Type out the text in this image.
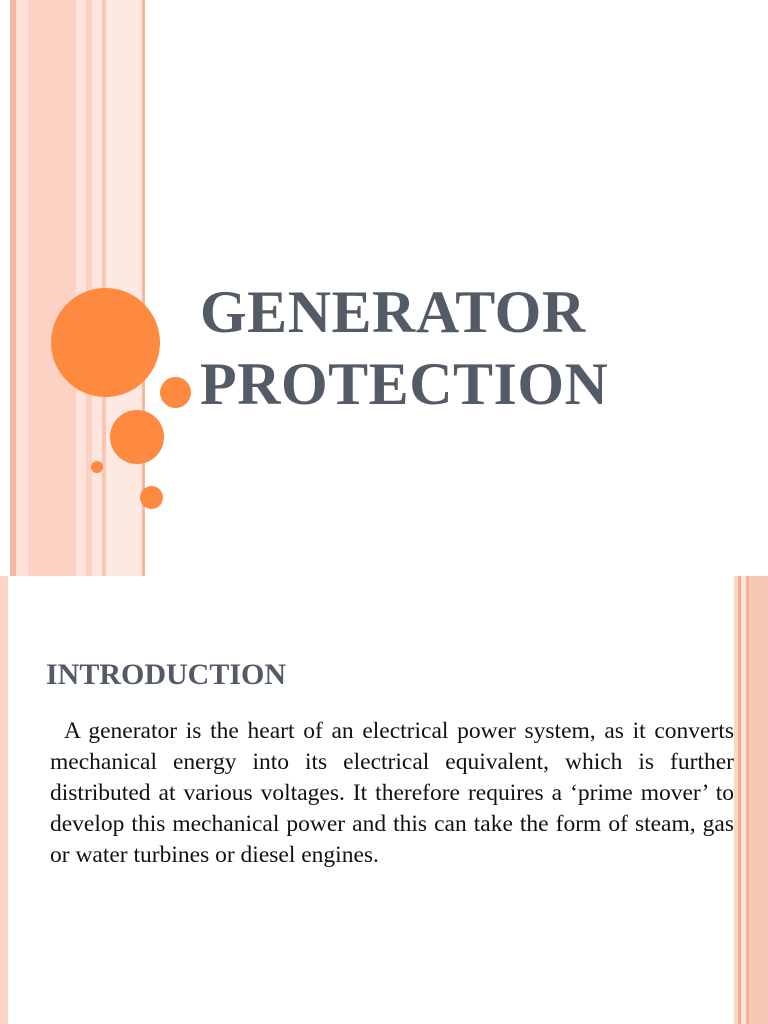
GENERATOR
PROTECTION
INTRODUCTION

A generator is the heart of an electrical power system, as it converts mechanical energy into its electrical equivalent, which is further distributed at various voltages. It therefore requires a ‘prime mover’ to develop this mechanical power and this can take the form of steam, gas or water turbines or diesel engines.
